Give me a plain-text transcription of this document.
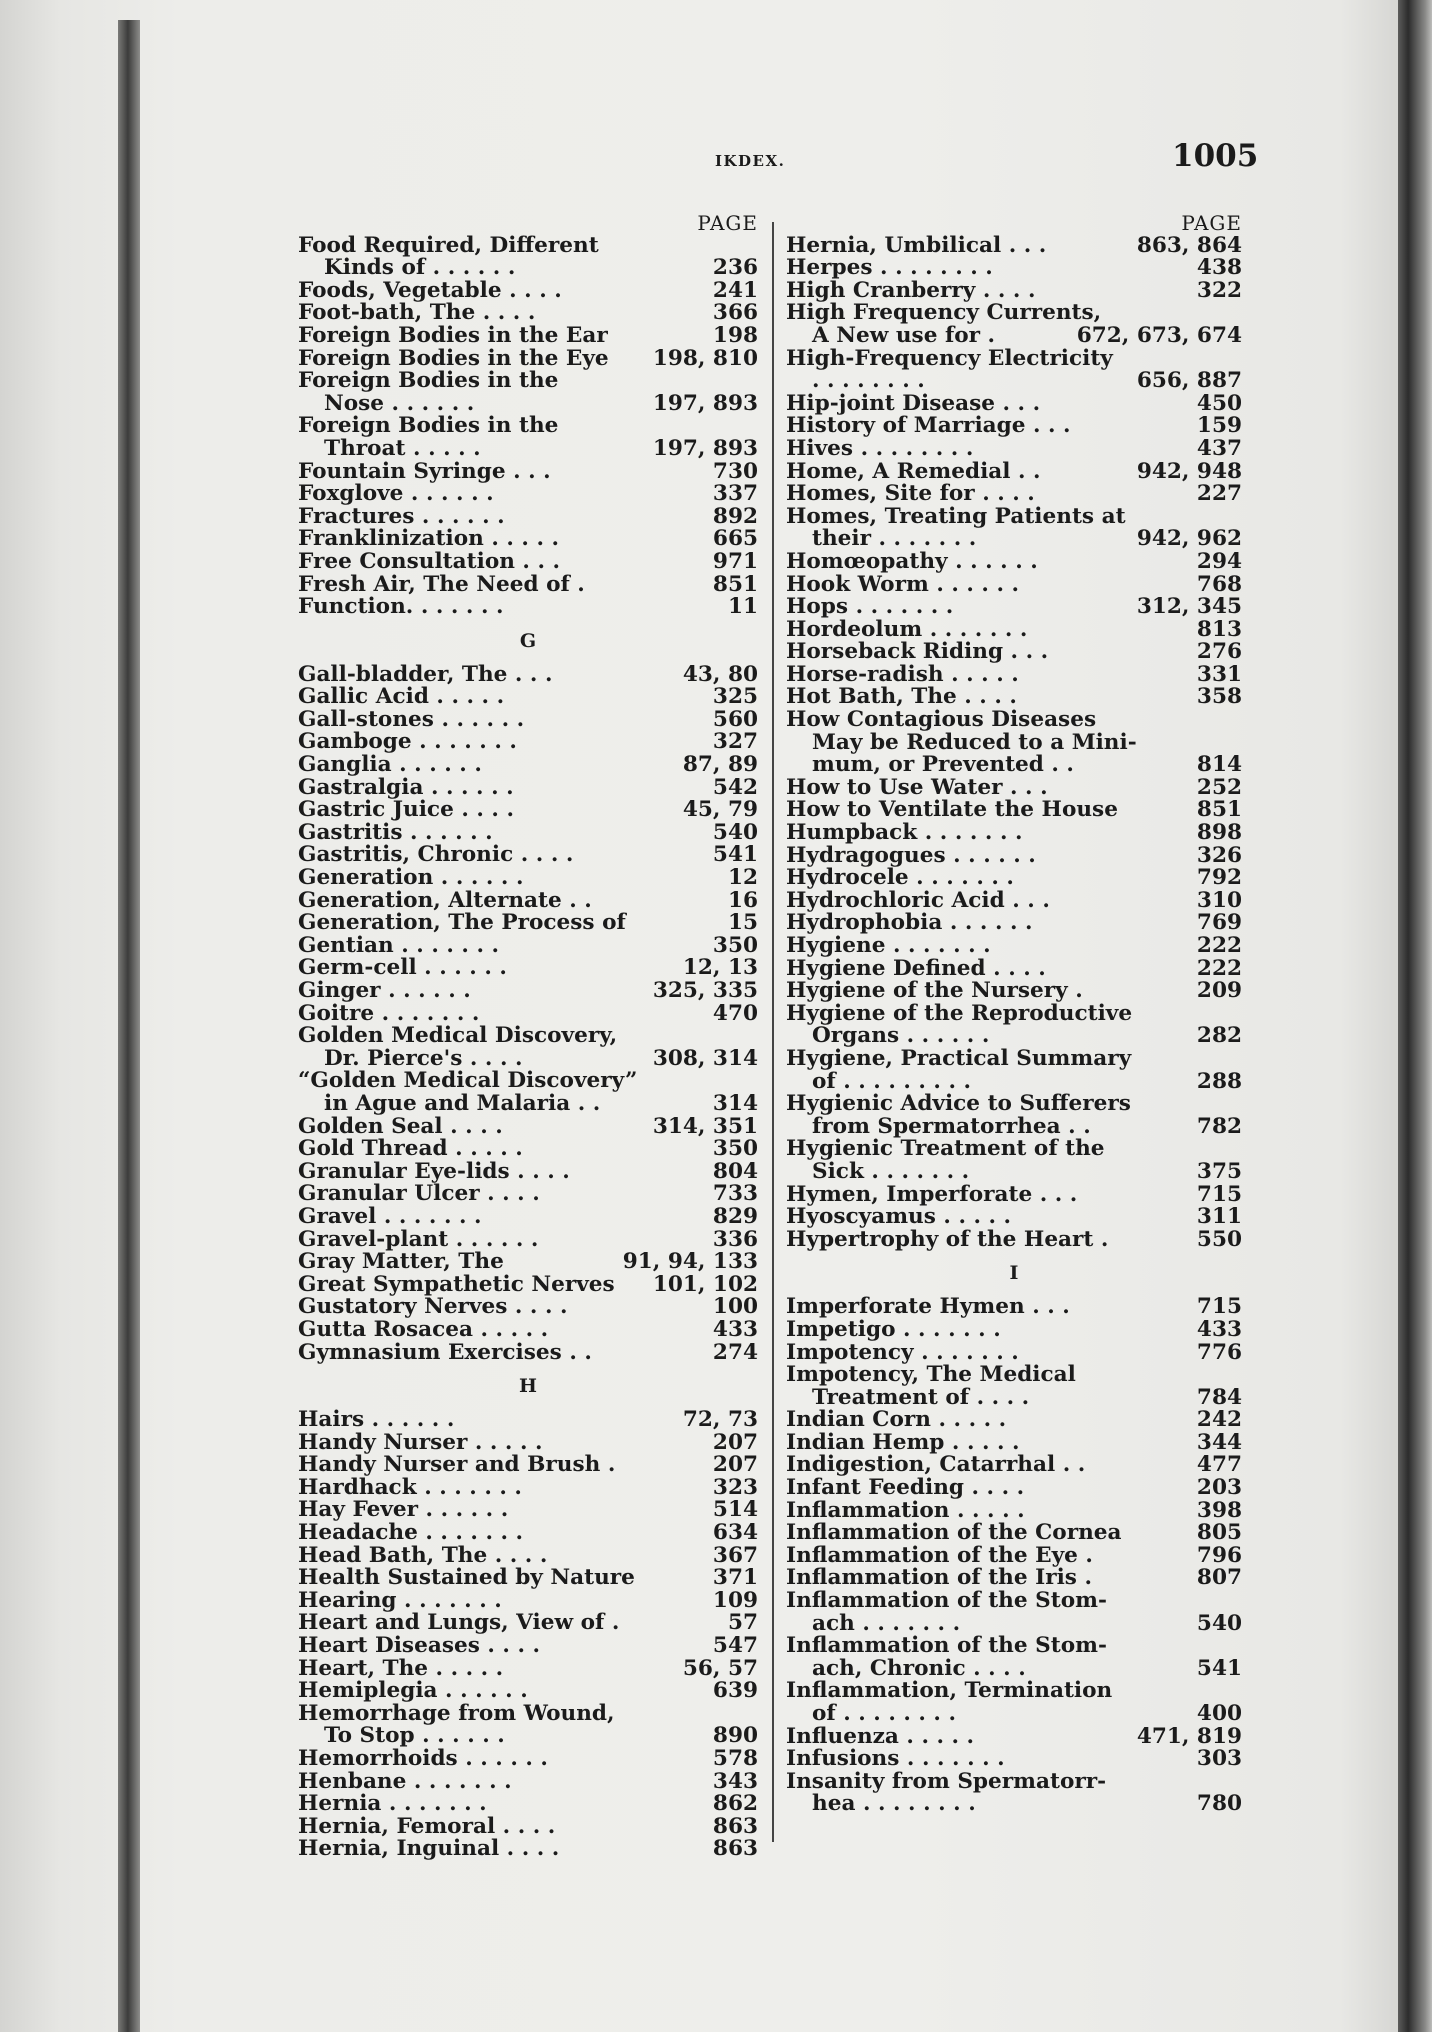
IKDEX.	1005
PAGE
Food Required, Different
Kinds of . . . . . .	236
Foods, Vegetable . . . .	241
Foot-bath, The . . . .	366
Foreign Bodies in the Ear	198
Foreign Bodies in the Eye 198, 810
Foreign Bodies in the
Nose . . . . . .	197, 893
Foreign Bodies in the
Throat . . . . .	197, 893
Fountain Syringe . . .	730
Foxglove . . . . . .	337
Fractures . . . . . .	892
Franklinization . . . . .	665
Free Consultation . . .	971
Fresh Air, The Need of .	851
Function. . . . . . .	11
G
Gall-bladder, The . . .	43, 80
Gallic Acid . . . . .	325
Gall-stones . . . . . .	560
Gamboge . . . . . . .	327
Ganglia . . . . . .	87, 89
Gastralgia . . . . . .	542
Gastric Juice . . . .	45, 79
Gastritis . . . . . .	540
Gastritis, Chronic . . . .	541
Generation . . . . . .	12
Generation, Alternate . .	16
Generation, The Process of	15
Gentian . . . . . . .	350
Germ-cell . . . . . .	12, 13
Ginger . . . . . .	325, 335
Goitre . . . . . . .	470
Golden Medical Discovery,
Dr. Pierce's . . . .	308, 314
“Golden Medical Discovery”
in Ague and Malaria . .	314
Golden Seal . . . .	314, 351
Gold Thread . . . . .	350
Granular Eye-lids . . . .	804
Granular Ulcer . . . .	733
Gravel . . . . . . .	829
Gravel-plant . . . . . .	336
Gray Matter, The	91, 94, 133
Great Sympathetic Nerves 101, 102
Gustatory Nerves . . . .	100
Gutta Rosacea . . . . .	433
Gymnasium Exercises . .	274
H
Hairs . . . . . .	72, 73
Handy Nurser . . . . .	207
Handy Nurser and Brush .	207
Hardhack . . . . . . .	323
Hay Fever . . . . . .	514
Headache . . . . . . .	634
Head Bath, The . . . .	367
Health Sustained by Nature	371
Hearing . . . . . . .	109
Heart and Lungs, View of .	57
Heart Diseases . . . .	547
Heart, The . . . . .	56, 57
Hemiplegia . . . . . .	639
Hemorrhage from Wound,
To Stop . . . . . .	890
Hemorrhoids . . . . . .	578
Henbane . . . . . . .	343
Hernia . . . . . . .	862
Hernia, Femoral . . . .	863
Hernia, Inguinal . . . .	863
PAGE
Hernia, Umbilical . . .	863, 864
Herpes . . . . . . . .	438
High Cranberry . . . .	322
High Frequency Currents,
A New use for .	672, 673, 674
High-Frequency Electricity
. . . . . . . .	656, 887
Hip-joint Disease . . .	450
History of Marriage . . .	159
Hives . . . . . . . .	437
Home, A Remedial . .	942, 948
Homes, Site for . . . .	227
Homes, Treating Patients at
their . . . . . . .	942, 962
Homœopathy . . . . . .	294
Hook Worm . . . . . .	768
Hops . . . . . . .	312, 345
Hordeolum . . . . . . .	813
Horseback Riding . . .	276
Horse-radish . . . . .	331
Hot Bath, The . . . .	358
How Contagious Diseases
May be Reduced to a Mini-
mum, or Prevented . .	814
How to Use Water . . .	252
How to Ventilate the House	851
Humpback . . . . . . .	898
Hydragogues . . . . . .	326
Hydrocele . . . . . . .	792
Hydrochloric Acid . . .	310
Hydrophobia . . . . . .	769
Hygiene . . . . . . .	222
Hygiene Defined . . . .	222
Hygiene of the Nursery .	209
Hygiene of the Reproductive
Organs . . . . . .	282
Hygiene, Practical Summary
of . . . . . . . . .	288
Hygienic Advice to Sufferers
from Spermatorrhea . .	782
Hygienic Treatment of the
Sick . . . . . . .	375
Hymen, Imperforate . . .	715
Hyoscyamus . . . . .	311
Hypertrophy of the Heart .	550
I
Imperforate Hymen . . .	715
Impetigo . . . . . . .	433
Impotency . . . . . . .	776
Impotency, The Medical
Treatment of . . . .	784
Indian Corn . . . . .	242
Indian Hemp . . . . .	344
Indigestion, Catarrhal . .	477
Infant Feeding . . . .	203
Inflammation . . . . .	398
Inflammation of the Cornea	805
Inflammation of the Eye .	796
Inflammation of the Iris .	807
Inflammation of the Stom-
ach . . . . . . .	540
Inflammation of the Stom-
ach, Chronic . . . .	541
Inflammation, Termination
of . . . . . . . .	400
Influenza . . . . .	471, 819
Infusions . . . . . . .	303
Insanity from Spermatorr-
hea . . . . . . . .	780
